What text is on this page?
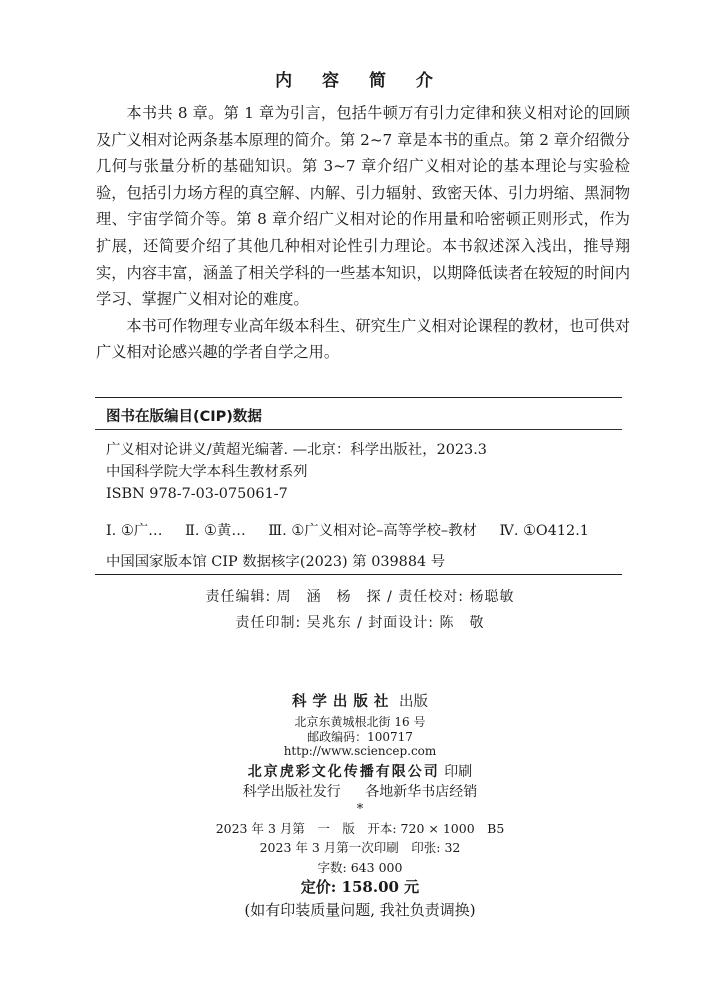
内 容 简 介

本书共 8 章。第 1 章为引言，包括牛顿万有引力定律和狭义相对论的回顾及广义相对论两条基本原理的简介。第 2~7 章是本书的重点。第 2 章介绍微分几何与张量分析的基础知识。第 3~7 章介绍广义相对论的基本理论与实验检验，包括引力场方程的真空解、内解、引力辐射、致密天体、引力坍缩、黑洞物理、宇宙学简介等。第 8 章介绍广义相对论的作用量和哈密顿正则形式，作为扩展，还简要介绍了其他几种相对论性引力理论。本书叙述深入浅出，推导翔实，内容丰富，涵盖了相关学科的一些基本知识，以期降低读者在较短的时间内学习、掌握广义相对论的难度。

本书可作物理专业高年级本科生、研究生广义相对论课程的教材，也可供对广义相对论感兴趣的学者自学之用。

图书在版编目(CIP)数据
广义相对论讲义/黄超光编著. —北京：科学出版社，2023.3
中国科学院大学本科生教材系列
ISBN 978-7-03-075061-7
Ⅰ. ①广… Ⅱ. ①黄… Ⅲ. ①广义相对论–高等学校–教材 Ⅳ. ①O412.1
中国国家版本馆 CIP 数据核字(2023) 第 039884 号
责任编辑: 周　涵　杨　探 / 责任校对: 杨聪敏
责任印制: 吴兆东 / 封面设计: 陈　敬
科学出版社 出版
北京东黄城根北街 16 号
邮政编码：100717
http://www.sciencep.com
北京虎彩文化传播有限公司 印刷
科学出版社发行 各地新华书店经销
*
2023 年 3 月第　一　版　开本: 720 × 1000　B5
2023 年 3 月第一次印刷　印张: 32
字数: 643 000
定价: 158.00 元
(如有印装质量问题, 我社负责调换)
